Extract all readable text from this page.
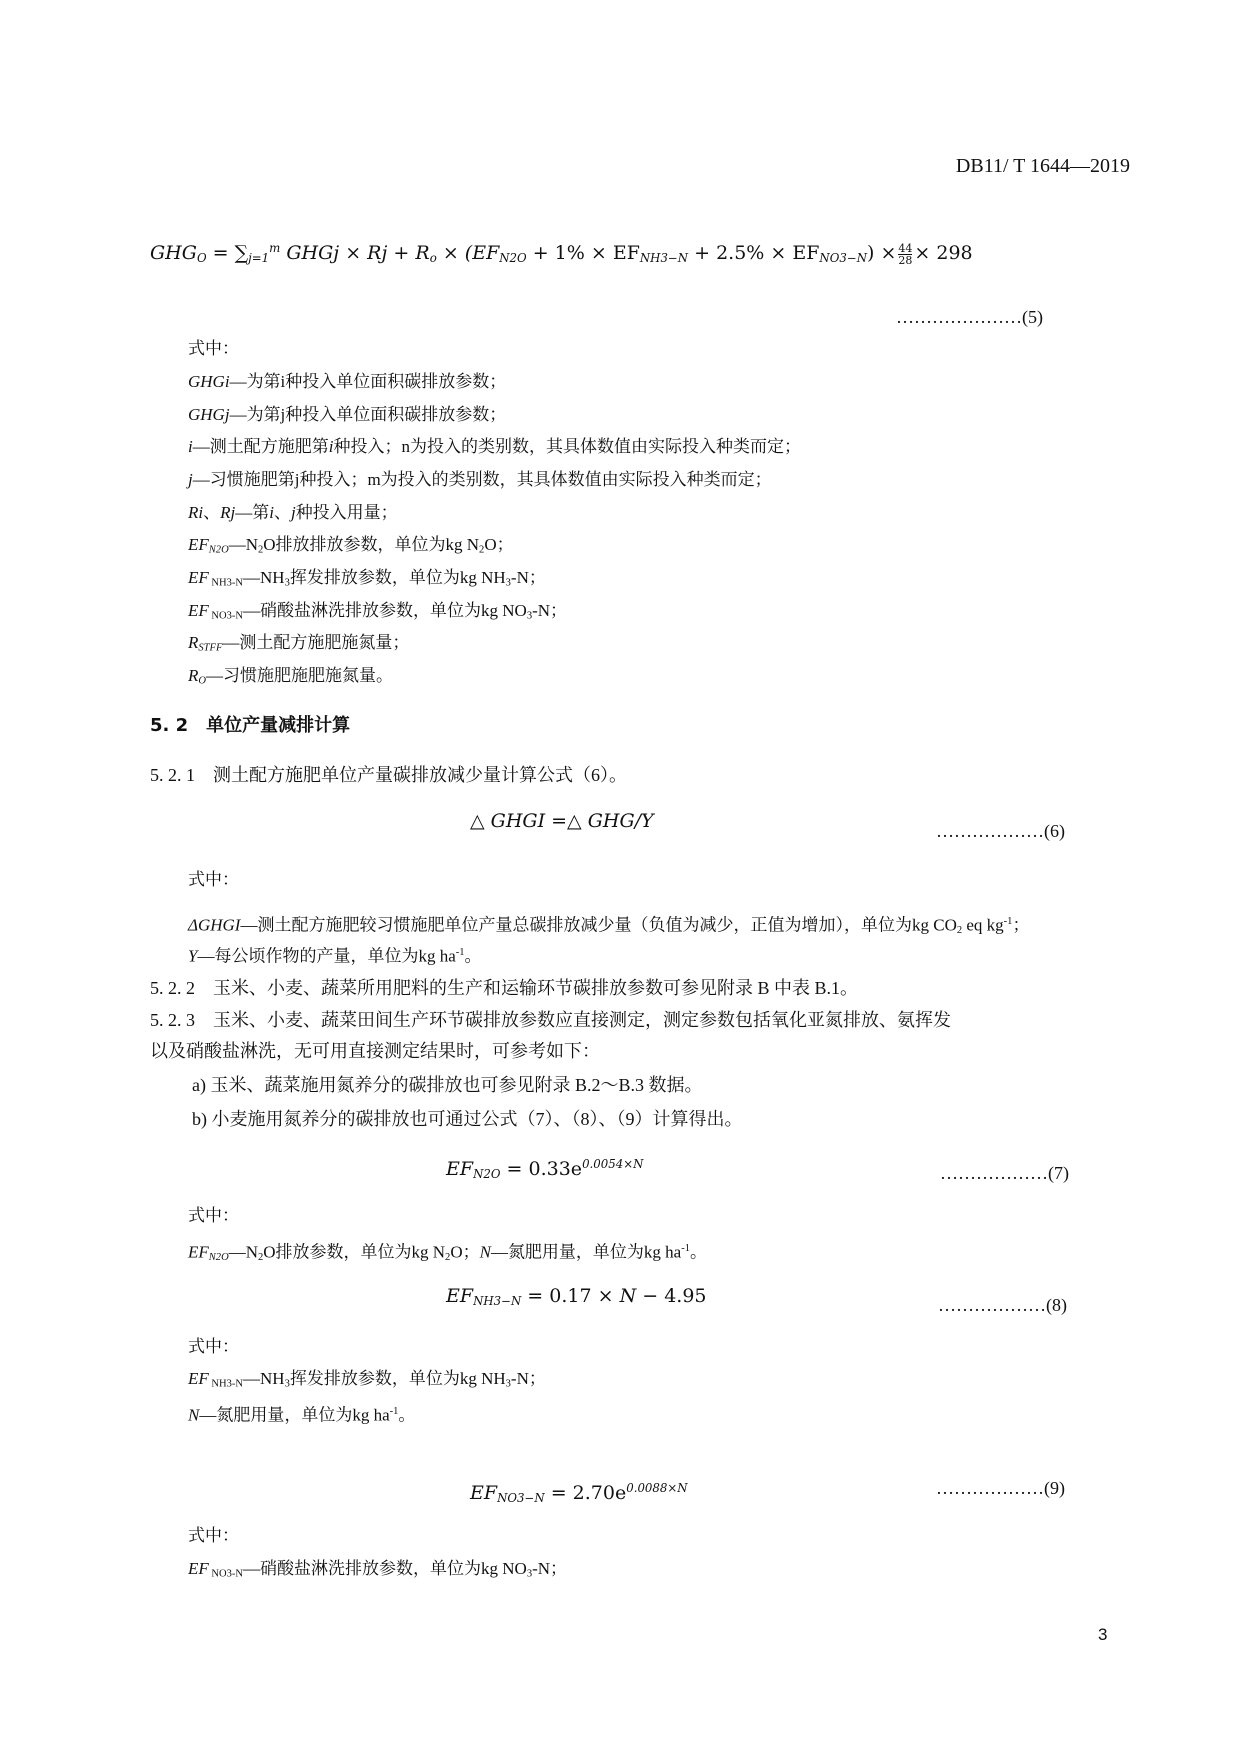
DB11/ T 1644—2019
$GHG_O = \sum_{j=1}^m$ GHGj × $Rj + R_o \times (EF_{N2O} + 1\% \times EF_{NH3-N} + 2.5\% \times EF_{NO3-N}) \times \frac{44}{28} \times 298$
…………………(5)
式中：
GHGi—为第i种投入单位面积碳排放参数；
GHGj—为第j种投入单位面积碳排放参数；
i—测土配方施肥第i种投入；n为投入的类别数，其具体数值由实际投入种类而定；
j—习惯施肥第j种投入；m为投入的类别数，其具体数值由实际投入种类而定；
Ri、Rj—第i、j种投入用量；
$EF_{N2O}—N_2O$排放排放参数，单位为kg $N_2O$；
EF $_{NH3-N}—NH_3$挥发排放参数，单位为kg $NH_3-N$；
EF $_{NO3-N}$—硝酸盐淋洗排放参数，单位为kg $NO_3-N$；
$R_{STFF}—$测土配方施肥施氮量；
$R_O—$习惯施肥施肥施氮量。
5. 2　单位产量减排计算
5. 2. 1　测土配方施肥单位产量碳排放减少量计算公式（6）。
△ GHGI =△ GHG/Y	………………(6)
式中：
ΔGHGI—测土配方施肥较习惯施肥单位产量总碳排放减少量（负值为减少，正值为增加），单位为kg $CO_2$ eq $kg^{-1}$；
Y—每公顷作物的产量，单位为kg $ha^{-1}$。
5. 2. 2　玉米、小麦、蔬菜所用肥料的生产和运输环节碳排放参数可参见附录 B 中表 B.1。
5. 2. 3　玉米、小麦、蔬菜田间生产环节碳排放参数应直接测定，测定参数包括氧化亚氮排放、氨挥发
以及硝酸盐淋洗，无可用直接测定结果时，可参考如下：
a) 玉米、蔬菜施用氮养分的碳排放也可参见附录 B.2～B.3 数据。
b) 小麦施用氮养分的碳排放也可通过公式（7）、（8）、（9）计算得出。
$EF_{N2O} = 0.33e^{0.0054\times N}$	………………(7)
式中：
$EF_{N2O}—N_2O$排放参数，单位为kg $N_2O$；N—氮肥用量，单位为kg $ha^{-1}$。
$EF_{NH3-N} = 0.17 \times N - 4.95$	………………(8)
式中：
EF $_{NH3-N}—NH_3$挥发排放参数，单位为kg $NH_3-N$；
N—氮肥用量，单位为kg $ha^{-1}$。
$EF_{NO3-N} = 2.70e^{0.0088\times N}$	………………(9)
式中：
EF $_{NO3-N}$—硝酸盐淋洗排放参数，单位为kg $NO_3-N$；
3
